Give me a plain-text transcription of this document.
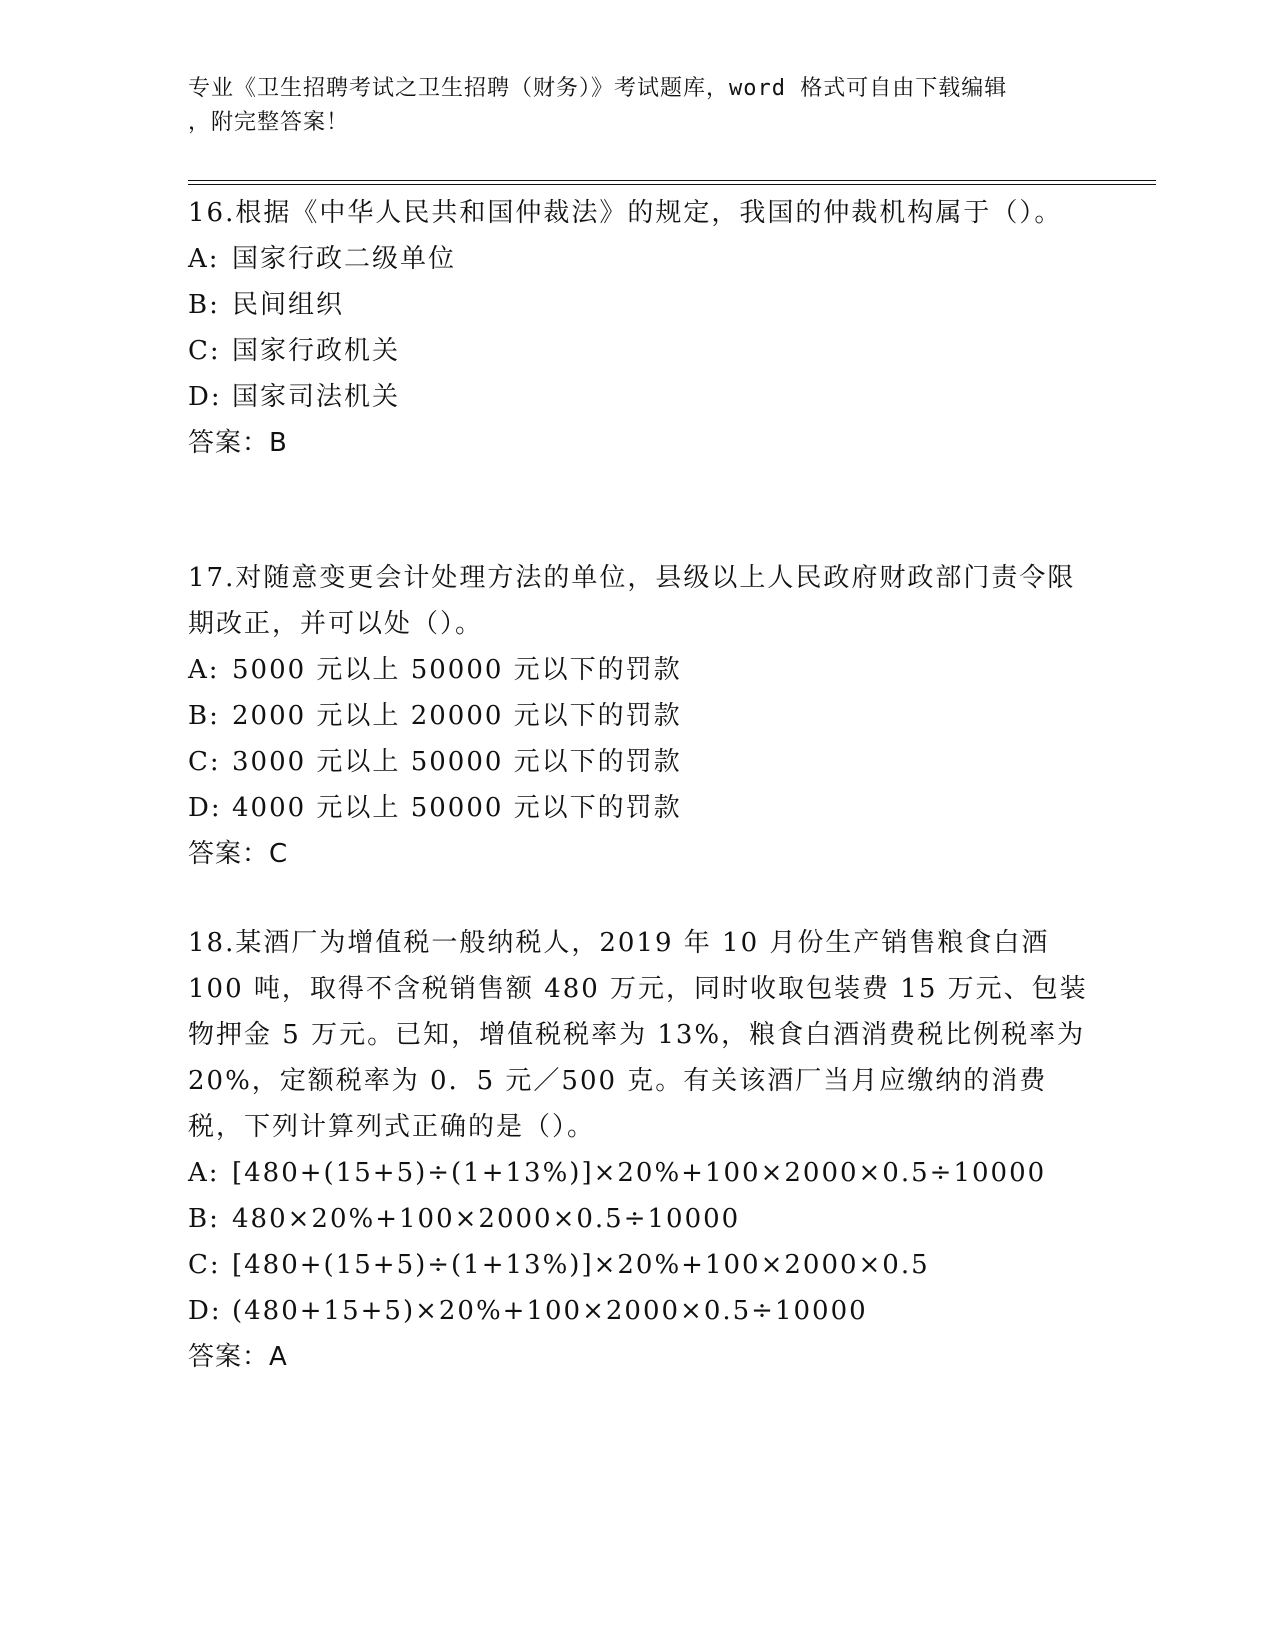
专业《卫生招聘考试之卫生招聘（财务）》考试题库，word 格式可自由下载编辑
，附完整答案！
16.根据《中华人民共和国仲裁法》的规定，我国的仲裁机构属于（）。
A: 国家行政二级单位
B: 民间组织
C: 国家行政机关
D: 国家司法机关
答案：B
17.对随意变更会计处理方法的单位，县级以上人民政府财政部门责令限期改正，并可以处（）。
A: 5000 元以上 50000 元以下的罚款
B: 2000 元以上 20000 元以下的罚款
C: 3000 元以上 50000 元以下的罚款
D: 4000 元以上 50000 元以下的罚款
答案：C
18.某酒厂为增值税一般纳税人，2019 年 10 月份生产销售粮食白酒 100 吨，取得不含税销售额 480 万元，同时收取包装费 15 万元、包装物押金 5 万元。已知，增值税税率为 13%，粮食白酒消费税比例税率为 20%，定额税率为 0．5 元／500 克。有关该酒厂当月应缴纳的消费税，下列计算列式正确的是（）。
A: [480+(15+5)÷(1+13%)]×20%+100×2000×0.5÷10000
B: 480×20%+100×2000×0.5÷10000
C: [480+(15+5)÷(1+13%)]×20%+100×2000×0.5
D: (480+15+5)×20%+100×2000×0.5÷10000
答案：A
